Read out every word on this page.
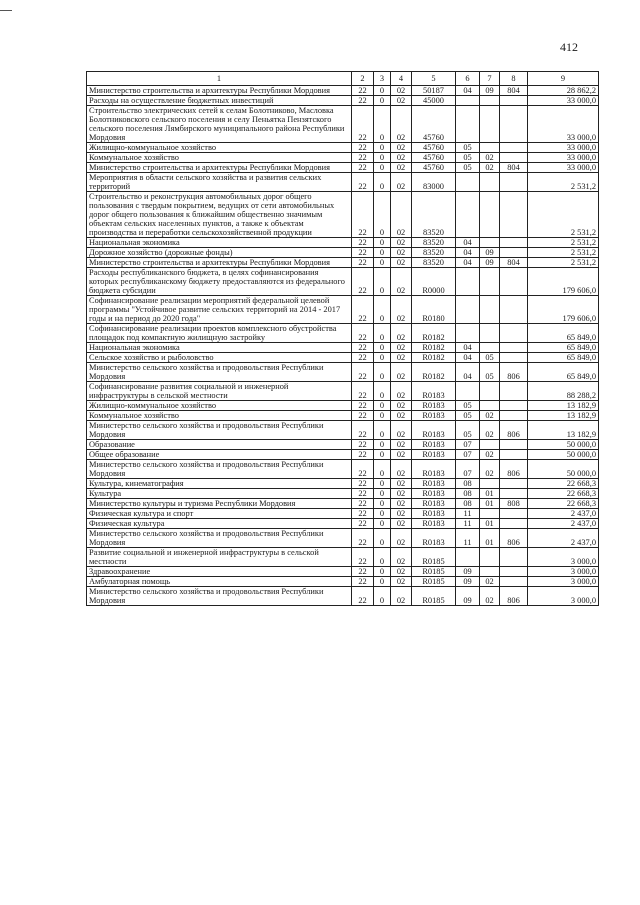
412
1	2	3	4	5	6	7	8	9
Министерство строительства и архитектуры Республики Мордовия	22	0	02	50187	04	09	804	28 862,2
Расходы на осуществление бюджетных инвестиций	22	0	02	45000				33 000,0
Строительство электрических сетей к селам Болотниково, Масловка Болотниковского сельского поселения и селу Пеньятка Пензятского сельского поселения Лямбирского муниципального района Республики Мордовия	22	0	02	45760				33 000,0
Жилищно-коммунальное хозяйство	22	0	02	45760	05			33 000,0
Коммунальное хозяйство	22	0	02	45760	05	02		33 000,0
Министерство строительства и архитектуры Республики Мордовия	22	0	02	45760	05	02	804	33 000,0
Мероприятия в области сельского хозяйства и развития сельских территорий	22	0	02	83000				2 531,2
Строительство и реконструкция автомобильных дорог общего пользования с твердым покрытием, ведущих от сети автомобильных дорог общего пользования к ближайшим общественно значимым объектам сельских населенных пунктов, а также к объектам производства и переработки сельскохозяйственной продукции	22	0	02	83520				2 531,2
Национальная экономика	22	0	02	83520	04			2 531,2
Дорожное хозяйство (дорожные фонды)	22	0	02	83520	04	09		2 531,2
Министерство строительства и архитектуры Республики Мордовия	22	0	02	83520	04	09	804	2 531,2
Расходы республиканского бюджета, в целях софинансирования которых республиканскому бюджету предоставляются из федерального бюджета субсидии	22	0	02	R0000				179 606,0
Софинансирование реализации мероприятий федеральной целевой программы "Устойчивое развитие сельских территорий на 2014 - 2017 годы и на период до 2020 года"	22	0	02	R0180				179 606,0
Софинансирование реализации проектов комплексного обустройства площадок под компактную жилищную застройку	22	0	02	R0182				65 849,0
Национальная экономика	22	0	02	R0182	04			65 849,0
Сельское хозяйство и рыболовство	22	0	02	R0182	04	05		65 849,0
Министерство сельского хозяйства и продовольствия Республики Мордовия	22	0	02	R0182	04	05	806	65 849,0
Софинансирование развития социальной и инженерной инфраструктуры в сельской местности	22	0	02	R0183				88 288,2
Жилищно-коммунальное хозяйство	22	0	02	R0183	05			13 182,9
Коммунальное хозяйство	22	0	02	R0183	05	02		13 182,9
Министерство сельского хозяйства и продовольствия Республики Мордовия	22	0	02	R0183	05	02	806	13 182,9
Образование	22	0	02	R0183	07			50 000,0
Общее образование	22	0	02	R0183	07	02		50 000,0
Министерство сельского хозяйства и продовольствия Республики Мордовия	22	0	02	R0183	07	02	806	50 000,0
Культура, кинематография	22	0	02	R0183	08			22 668,3
Культура	22	0	02	R0183	08	01		22 668,3
Министерство культуры и туризма Республики Мордовия	22	0	02	R0183	08	01	808	22 668,3
Физическая культура и спорт	22	0	02	R0183	11			2 437,0
Физическая культура	22	0	02	R0183	11	01		2 437,0
Министерство сельского хозяйства и продовольствия Республики Мордовия	22	0	02	R0183	11	01	806	2 437,0
Развитие социальной и инженерной инфраструктуры в сельской местности	22	0	02	R0185				3 000,0
Здравоохранение	22	0	02	R0185	09			3 000,0
Амбулаторная помощь	22	0	02	R0185	09	02		3 000,0
Министерство сельского хозяйства и продовольствия Республики Мордовия	22	0	02	R0185	09	02	806	3 000,0
